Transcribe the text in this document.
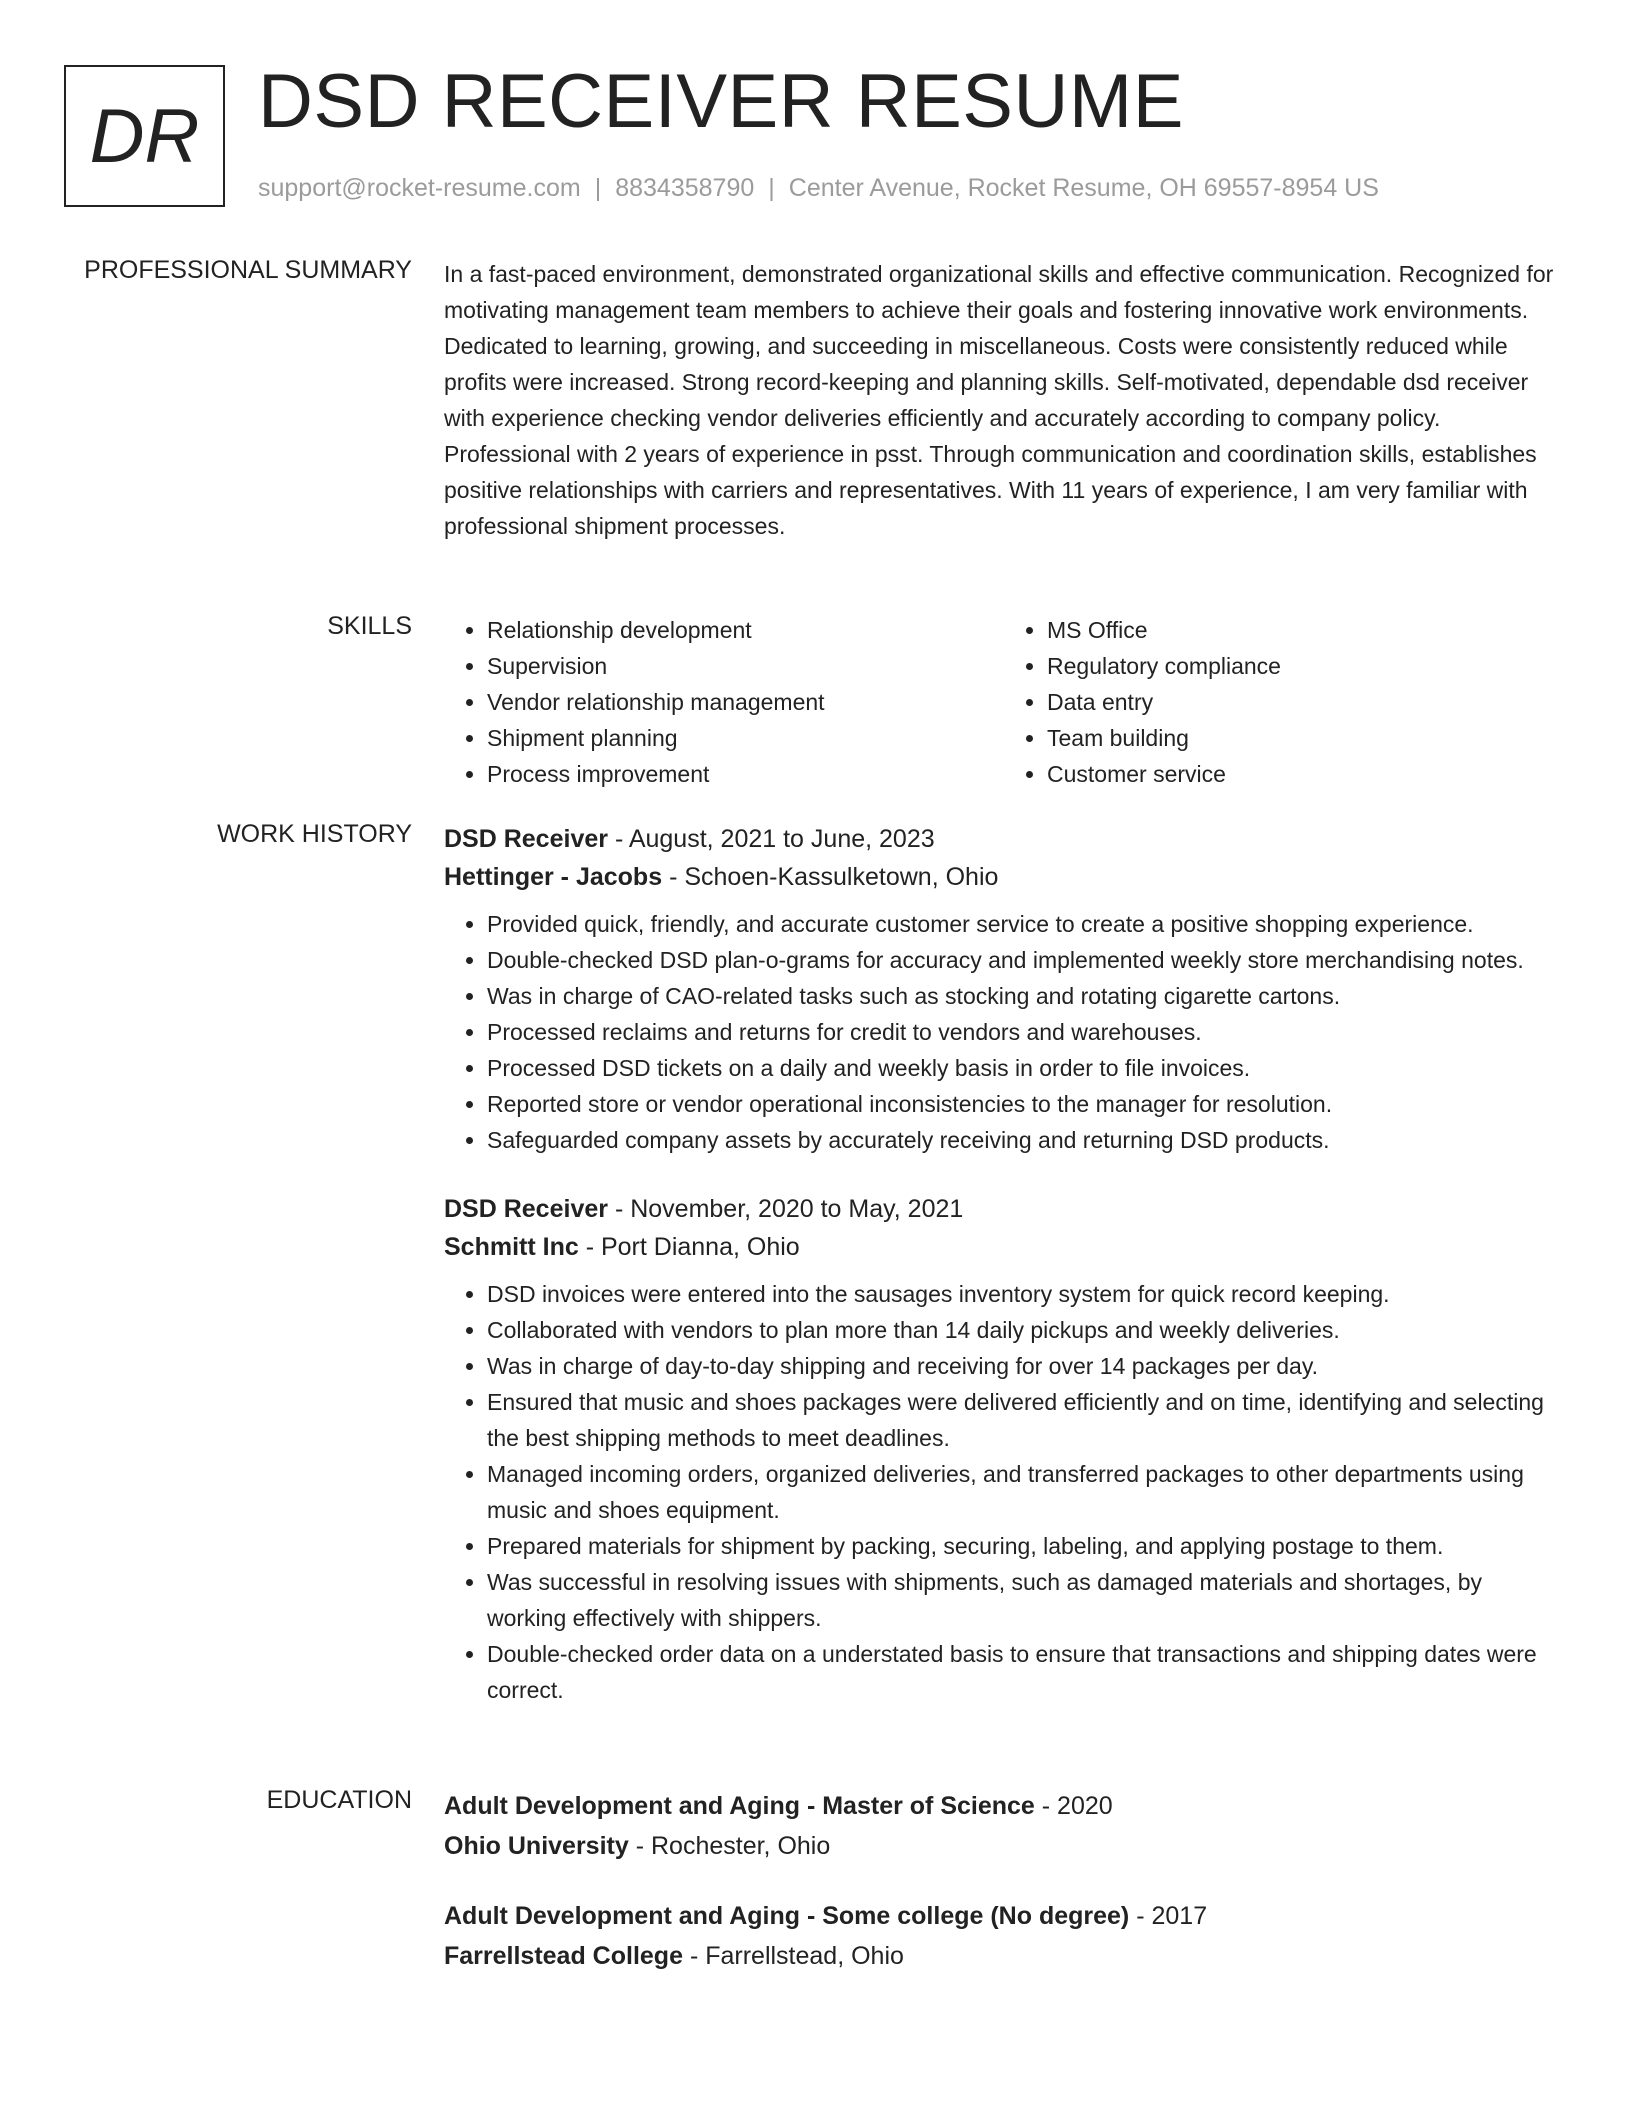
DR DSD RECEIVER RESUME
support@rocket-resume.com | 8834358790 | Center Avenue, Rocket Resume, OH 69557-8954 US
PROFESSIONAL SUMMARY In a fast-paced environment, demonstrated organizational skills and effective communication. Recognized for motivating management team members to achieve their goals and fostering innovative work environments. Dedicated to learning, growing, and succeeding in miscellaneous. Costs were consistently reduced while profits were increased. Strong record-keeping and planning skills. Self-motivated, dependable dsd receiver with experience checking vendor deliveries efficiently and accurately according to company policy. Professional with 2 years of experience in psst. Through communication and coordination skills, establishes positive relationships with carriers and representatives. With 11 years of experience, I am very familiar with professional shipment processes.

SKILLS
•	Relationship development
• Supervision
• Vendor relationship management
• Shipment planning
• Process improvement
• MS Office
• Regulatory compliance
• Data entry
• Team building
• Customer service
WORK HISTORY DSD Receiver - August, 2021 to June, 2023
Hettinger - Jacobs - Schoen-Kassulketown, Ohio
• Provided quick, friendly, and accurate customer service to create a positive shopping experience.
• Double-checked DSD plan-o-grams for accuracy and implemented weekly store merchandising notes.
• Was in charge of CAO-related tasks such as stocking and rotating cigarette cartons.
• Processed reclaims and returns for credit to vendors and warehouses.
• Processed DSD tickets on a daily and weekly basis in order to file invoices.
• Reported store or vendor operational inconsistencies to the manager for resolution.
• Safeguarded company assets by accurately receiving and returning DSD products.
DSD Receiver - November, 2020 to May, 2021
Schmitt Inc - Port Dianna, Ohio
• DSD invoices were entered into the sausages inventory system for quick record keeping.
• Collaborated with vendors to plan more than 14 daily pickups and weekly deliveries.
• Was in charge of day-to-day shipping and receiving for over 14 packages per day.
• Ensured that music and shoes packages were delivered efficiently and on time, identifying and selecting the best shipping methods to meet deadlines.
• Managed incoming orders, organized deliveries, and transferred packages to other departments using music and shoes equipment.
• Prepared materials for shipment by packing, securing, labeling, and applying postage to them.
• Was successful in resolving issues with shipments, such as damaged materials and shortages, by working effectively with shippers.
• Double-checked order data on a understated basis to ensure that transactions and shipping dates were correct.
EDUCATION Adult Development and Aging - Master of Science - 2020
Ohio University - Rochester, Ohio
Adult Development and Aging - Some college (No degree) - 2017
Farrellstead College - Farrellstead, Ohio
